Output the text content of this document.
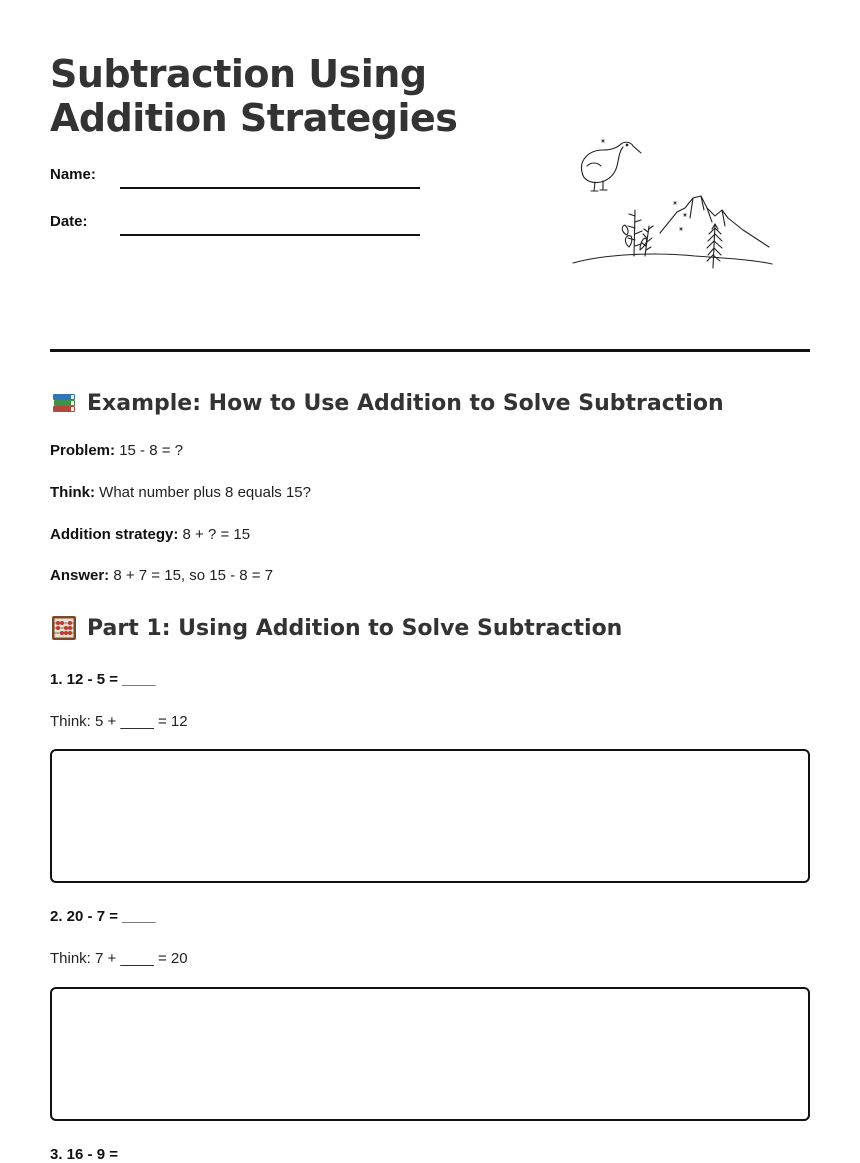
Subtraction Using
Addition Strategies
Name:
Date:
Example: How to Use Addition to Solve Subtraction
Problem: 15 - 8 = ?
Think: What number plus 8 equals 15?
Addition strategy: 8 + ? = 15
Answer: 8 + 7 = 15, so 15 - 8 = 7
Part 1: Using Addition to Solve Subtraction
1. 12 - 5 = ____
Think: 5 + ____ = 12
2. 20 - 7 = ____
Think: 7 + ____ = 20
3. 16 - 9 =
